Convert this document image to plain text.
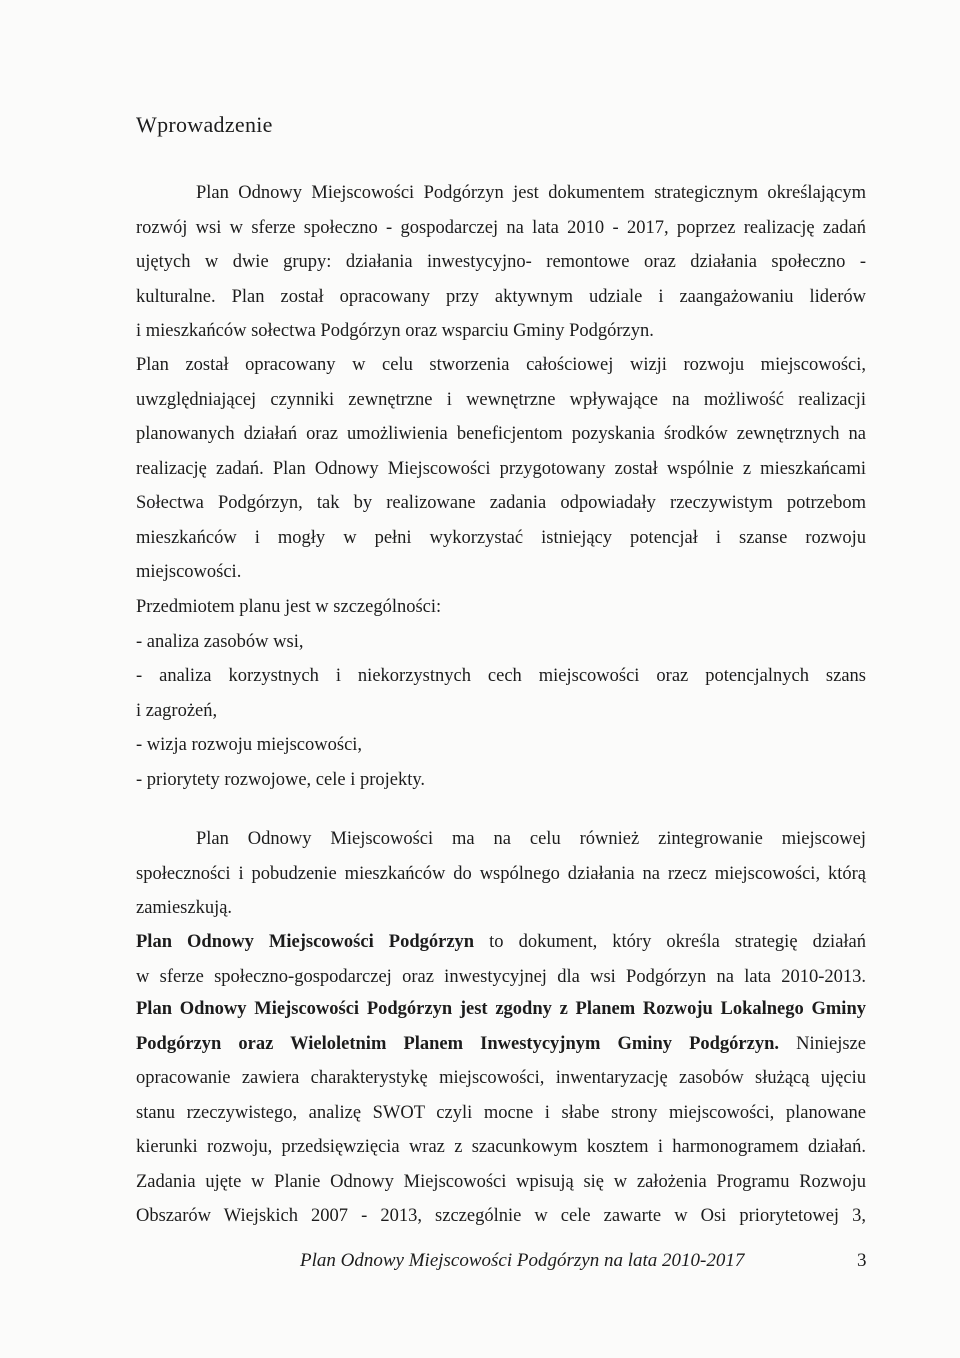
Wprowadzenie

Plan Odnowy Miejscowości Podgórzyn jest dokumentem strategicznym określającym
rozwój wsi w sferze społeczno - gospodarczej na lata 2010 - 2017, poprzez realizację zadań
ujętych w dwie grupy: działania inwestycyjno- remontowe oraz działania społeczno -
kulturalne. Plan został opracowany przy aktywnym udziale i zaangażowaniu liderów
i mieszkańców sołectwa Podgórzyn oraz wsparciu Gminy Podgórzyn.

Plan został opracowany w celu stworzenia całościowej wizji rozwoju miejscowości,
uwzględniającej czynniki zewnętrzne i wewnętrzne wpływające na możliwość realizacji
planowanych działań oraz umożliwienia beneficjentom pozyskania środków zewnętrznych na
realizację zadań. Plan Odnowy Miejscowości przygotowany został wspólnie z mieszkańcami
Sołectwa Podgórzyn, tak by realizowane zadania odpowiadały rzeczywistym potrzebom
mieszkańców i mogły w pełni wykorzystać istniejący potencjał i szanse rozwoju
miejscowości.

Przedmiotem planu jest w szczególności:
- analiza zasobów wsi,
- analiza korzystnych i niekorzystnych cech miejscowości oraz potencjalnych szans
i zagrożeń,
- wizja rozwoju miejscowości,
- priorytety rozwojowe, cele i projekty.

Plan Odnowy Miejscowości ma na celu również zintegrowanie miejscowej
społeczności i pobudzenie mieszkańców do wspólnego działania na rzecz miejscowości, którą
zamieszkują.

Plan Odnowy Miejscowości Podgórzyn to dokument, który określa strategię działań
w sferze społeczno-gospodarczej oraz inwestycyjnej dla wsi Podgórzyn na lata 2010-2013.

Plan Odnowy Miejscowości Podgórzyn jest zgodny z Planem Rozwoju Lokalnego Gminy
Podgórzyn oraz Wieloletnim Planem Inwestycyjnym Gminy Podgórzyn. Niniejsze
opracowanie zawiera charakterystykę miejscowości, inwentaryzację zasobów służącą ujęciu
stanu rzeczywistego, analizę SWOT czyli mocne i słabe strony miejscowości, planowane
kierunki rozwoju, przedsięwzięcia wraz z szacunkowym kosztem i harmonogramem działań.
Zadania ujęte w Planie Odnowy Miejscowości wpisują się w założenia Programu Rozwoju
Obszarów Wiejskich 2007 - 2013, szczególnie w cele zawarte w Osi priorytetowej 3,

Plan Odnowy Miejscowości Podgórzyn na lata 2010-2017	3
